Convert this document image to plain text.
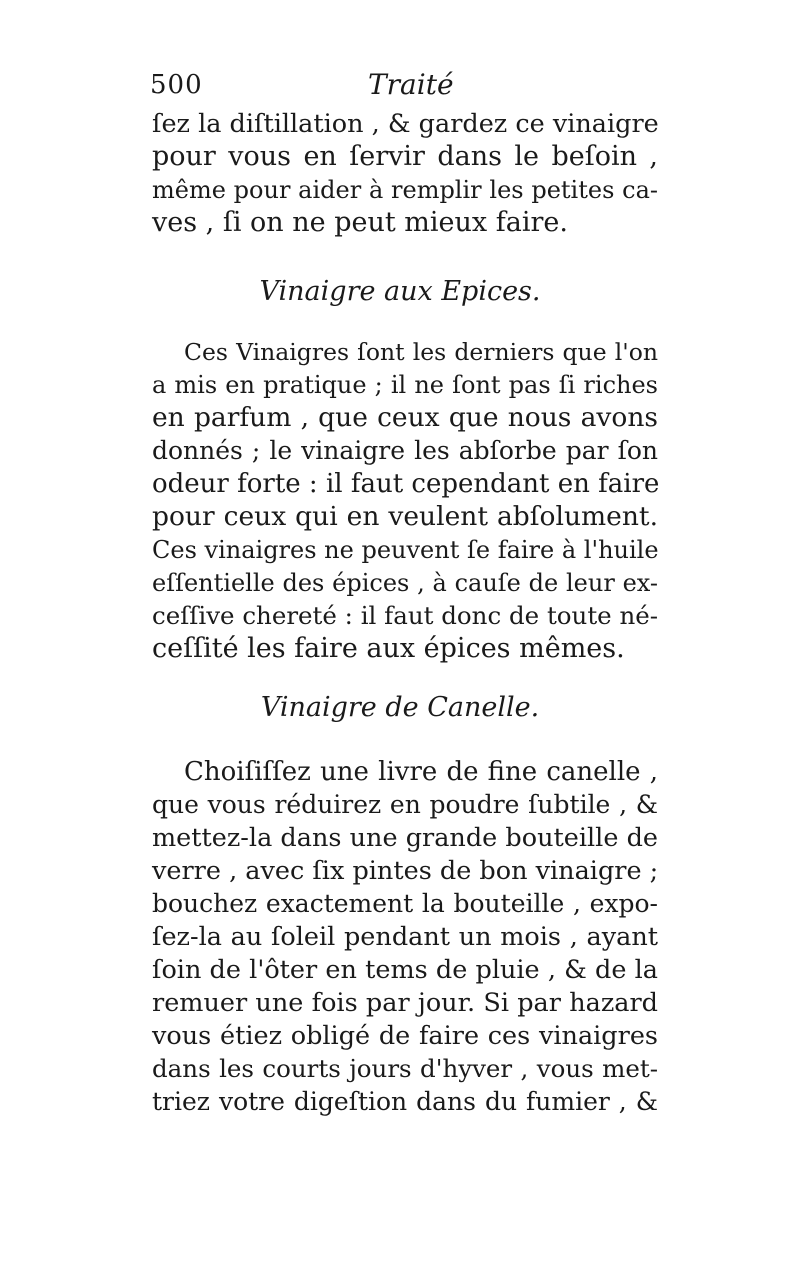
500	Traité
ſez la diſtillation , & gardez ce vinaigre
pour vous en ſervir dans le beſoin ,
même pour aider à remplir les petites ca-
ves , ſi on ne peut mieux faire.
Vinaigre aux Epices.
Ces Vinaigres ſont les derniers que l'on
a mis en pratique ; il ne ſont pas ſi riches
en parfum , que ceux que nous avons
donnés ; le vinaigre les abſorbe par ſon
odeur forte : il faut cependant en faire
pour ceux qui en veulent abſolument.
Ces vinaigres ne peuvent ſe faire à l'huile
eſſentielle des épices , à cauſe de leur ex-
ceſſive chereté : il faut donc de toute né-
ceſſité les faire aux épices mêmes.
Vinaigre de Canelle.
Choiſiſſez une livre de fine canelle ,
que vous réduirez en poudre ſubtile , &
mettez-la dans une grande bouteille de
verre , avec ſix pintes de bon vinaigre ;
bouchez exactement la bouteille , expo-
ſez-la au ſoleil pendant un mois , ayant
ſoin de l'ôter en tems de pluie , & de la
remuer une fois par jour. Si par hazard
vous étiez obligé de faire ces vinaigres
dans les courts jours d'hyver , vous met-
triez votre digeſtion dans du fumier , &
